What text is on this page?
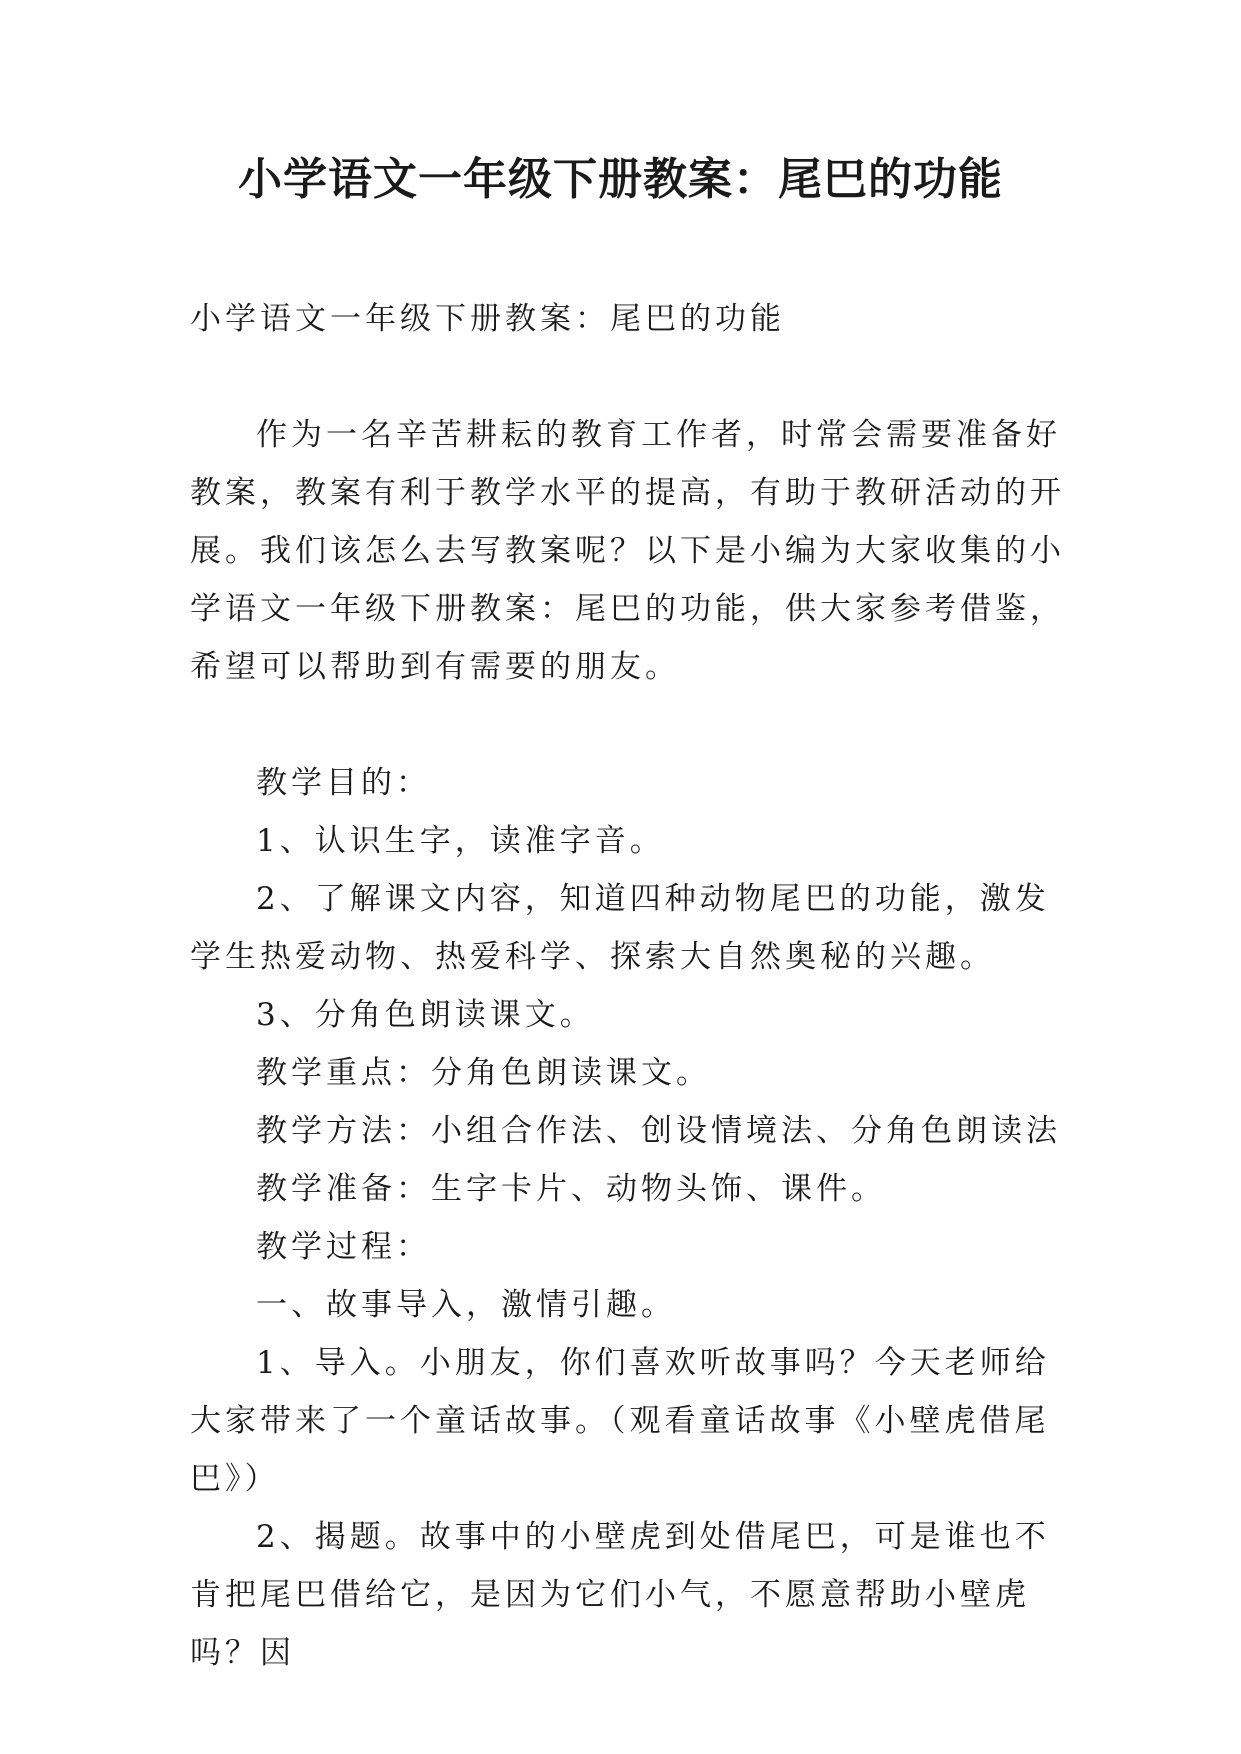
小学语文一年级下册教案：尾巴的功能

小学语文一年级下册教案：尾巴的功能

作为一名辛苦耕耘的教育工作者，时常会需要准备好教案，教案有利于教学水平的提高，有助于教研活动的开展。我们该怎么去写教案呢？以下是小编为大家收集的小学语文一年级下册教案：尾巴的功能，供大家参考借鉴，希望可以帮助到有需要的朋友。

教学目的：

1、认识生字，读准字音。

2、了解课文内容，知道四种动物尾巴的功能，激发学生热爱动物、热爱科学、探索大自然奥秘的兴趣。

3、分角色朗读课文。

教学重点：分角色朗读课文。

教学方法：小组合作法、创设情境法、分角色朗读法

教学准备：生字卡片、动物头饰、课件。

教学过程：

一、故事导入，激情引趣。

1、导入。小朋友，你们喜欢听故事吗？今天老师给大家带来了一个童话故事。（观看童话故事《小壁虎借尾巴》）

2、揭题。故事中的小壁虎到处借尾巴，可是谁也不肯把尾巴借给它，是因为它们小气，不愿意帮助小壁虎吗？因
